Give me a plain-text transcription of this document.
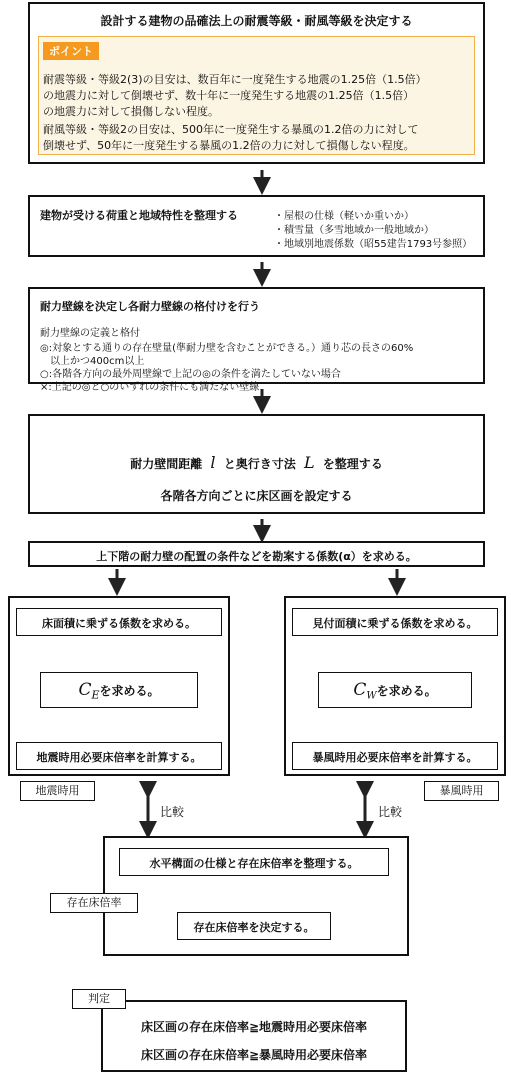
設計する建物の品確法上の耐震等級・耐風等級を決定する
ポイント
耐震等級・等級2(3)の目安は、数百年に一度発生する地震の1.25倍（1.5倍）
の地震力に対して倒壊せず、数十年に一度発生する地震の1.25倍（1.5倍）
の地震力に対して損傷しない程度。
耐風等級・等級2の目安は、500年に一度発生する暴風の1.2倍の力に対して
倒壊せず、50年に一度発生する暴風の1.2倍の力に対して損傷しない程度。
建物が受ける荷重と地域特性を整理する	・屋根の仕様（軽いか重いか）
・積雪量（多雪地域か一般地域か）
・地域別地震係数（昭55建告1793号参照）
耐力壁線を決定し各耐力壁線の格付けを行う
耐力壁線の定義と格付
◎:対象とする通りの存在壁量(準耐力壁を含むことができる。）通り芯の長さの60%
　以上かつ400cm以上
○:各階各方向の最外周壁線で上記の◎の条件を満たしていない場合
×:上記の◎と○のいずれの条件にも満たない壁線
耐力壁間距離 l と奥行き寸法 L を整理する
各階各方向ごとに床区画を設定する
上下階の耐力壁の配置の条件などを勘案する係数(α）を求める。
床面積に乗ずる係数を求める。
$C_E$を求める。
地震時用必要床倍率を計算する。
地震時用
見付面積に乗ずる係数を求める。
$C_W$を求める。
暴風時用必要床倍率を計算する。
暴風時用
比較	比較
水平構面の仕様と存在床倍率を整理する。
存在床倍率を決定する。
存在床倍率
床区画の存在床倍率≧地震時用必要床倍率
床区画の存在床倍率≧暴風時用必要床倍率
判定
